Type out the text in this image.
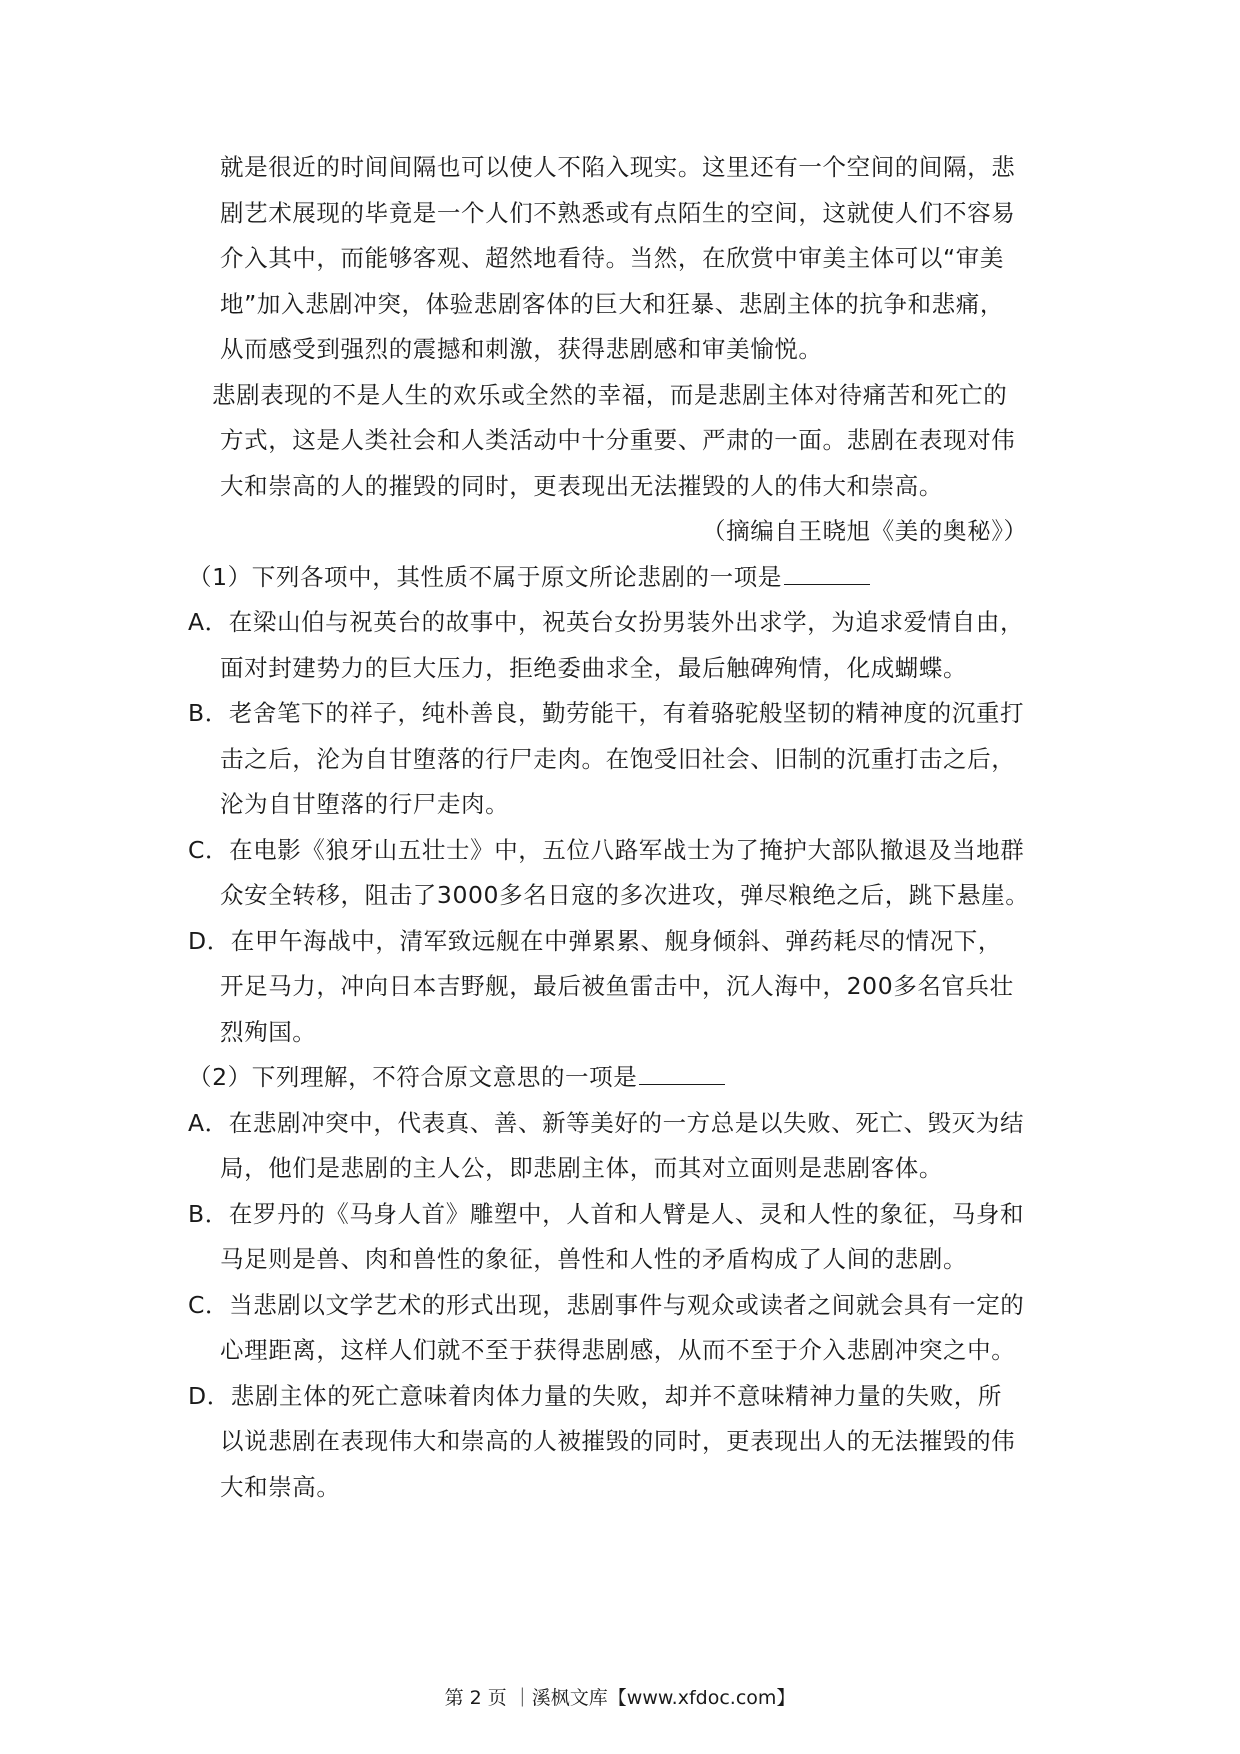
就是很近的时间间隔也可以使人不陷入现实。这里还有一个空间的间隔，悲
剧艺术展现的毕竟是一个人们不熟悉或有点陌生的空间，这就使人们不容易
介入其中，而能够客观、超然地看待。当然，在欣赏中审美主体可以“审美
地”加入悲剧冲突，体验悲剧客体的巨大和狂暴、悲剧主体的抗争和悲痛，
从而感受到强烈的震撼和刺激，获得悲剧感和审美愉悦。
悲剧表现的不是人生的欢乐或全然的幸福，而是悲剧主体对待痛苦和死亡的
方式，这是人类社会和人类活动中十分重要、严肃的一面。悲剧在表现对伟
大和崇高的人的摧毁的同时，更表现出无法摧毁的人的伟大和崇高。
（摘编自王晓旭《美的奥秘》）
（1）下列各项中，其性质不属于原文所论悲剧的一项是
A．在梁山伯与祝英台的故事中，祝英台女扮男装外出求学，为追求爱情自由，
面对封建势力的巨大压力，拒绝委曲求全，最后触碑殉情，化成蝴蝶。
B．老舍笔下的祥子，纯朴善良，勤劳能干，有着骆驼般坚韧的精神度的沉重打
击之后，沦为自甘堕落的行尸走肉。在饱受旧社会、旧制的沉重打击之后，
沦为自甘堕落的行尸走肉。
C．在电影《狼牙山五壮士》中，五位八路军战士为了掩护大部队撤退及当地群
众安全转移，阻击了3000多名日寇的多次进攻，弹尽粮绝之后，跳下悬崖。
D．在甲午海战中，清军致远舰在中弹累累、舰身倾斜、弹药耗尽的情况下，
开足马力，冲向日本吉野舰，最后被鱼雷击中，沉人海中，200多名官兵壮
烈殉国。
（2）下列理解，不符合原文意思的一项是
A．在悲剧冲突中，代表真、善、新等美好的一方总是以失败、死亡、毁灭为结
局，他们是悲剧的主人公，即悲剧主体，而其对立面则是悲剧客体。
B．在罗丹的《马身人首》雕塑中，人首和人臂是人、灵和人性的象征，马身和
马足则是兽、肉和兽性的象征，兽性和人性的矛盾构成了人间的悲剧。
C．当悲剧以文学艺术的形式出现，悲剧事件与观众或读者之间就会具有一定的
心理距离，这样人们就不至于获得悲剧感，从而不至于介入悲剧冲突之中。
D．悲剧主体的死亡意味着肉体力量的失败，却并不意味精神力量的失败，所
以说悲剧在表现伟大和崇高的人被摧毁的同时，更表现出人的无法摧毁的伟
大和崇高。
第 2 页 ｜溪枫文库【www.xfdoc.com】
